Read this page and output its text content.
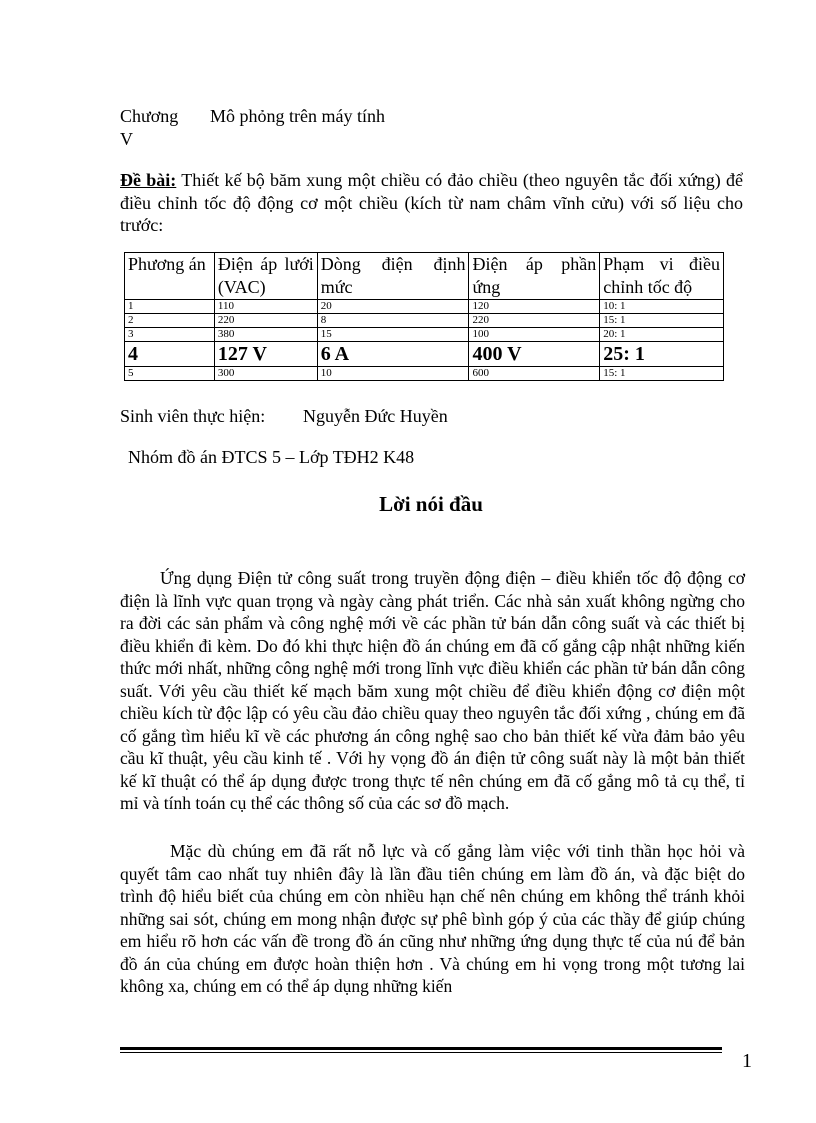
Chương Mô phỏng trên máy tính
V
Đề bài: Thiết kế bộ băm xung một chiều có đảo chiều (theo nguyên tắc đối xứng) để điều chỉnh tốc độ động cơ một chiều (kích từ nam châm vĩnh cửu) với số liệu cho trước:
Phương án	Điện áp lưới (VAC)	Dòng điện định mức	Điện áp phần ứng	Phạm vi điều chỉnh tốc độ
1	110	20	120	10: 1
2	220	8	220	15: 1
3	380	15	100	20: 1
4	127 V	6 A	400 V	25: 1
5	300	10	600	15: 1
Sinh viên thực hiện: Nguyễn Đức Huyền
Nhóm đồ án ĐTCS 5 – Lớp TĐH2 K48
Lời nói đầu
Ứng dụng Điện tử công suất trong truyền động điện – điều khiển tốc độ động cơ điện là lĩnh vực quan trọng và ngày càng phát triển. Các nhà sản xuất không ngừng cho ra đời các sản phẩm và công nghệ mới về các phần tử bán dẫn công suất và các thiết bị điều khiển đi kèm. Do đó khi thực hiện đồ án chúng em đã cố gắng cập nhật những kiến thức mới nhất, những công nghệ mới trong lĩnh vực điều khiển các phần tử bán dẫn công suất. Với yêu cầu thiết kế mạch băm xung một chiều để điều khiển động cơ điện một chiều kích từ độc lập có yêu cầu đảo chiều quay theo nguyên tắc đối xứng , chúng em đã cố gắng tìm hiểu kĩ về các phương án công nghệ sao cho bản thiết kế vừa đảm bảo yêu cầu kĩ thuật, yêu cầu kinh tế . Với hy vọng đồ án điện tử công suất này là một bản thiết kế kĩ thuật có thể áp dụng được trong thực tế nên chúng em đã cố gắng mô tả cụ thể, tỉ mỉ và tính toán cụ thể các thông số của các sơ đồ mạch.
Mặc dù chúng em đã rất nỗ lực và cố gắng làm việc với tinh thần học hỏi và quyết tâm cao nhất tuy nhiên đây là lần đầu tiên chúng em làm đồ án, và đặc biệt do trình độ hiểu biết của chúng em còn nhiều hạn chế nên chúng em không thể tránh khỏi những sai sót, chúng em mong nhận được sự phê bình góp ý của các thầy để giúp chúng em hiểu rõ hơn các vấn đề trong đồ án cũng như những ứng dụng thực tế của nú để bản đồ án của chúng em được hoàn thiện hơn . Và chúng em hi vọng trong một tương lai không xa, chúng em có thể áp dụng những kiến
1
